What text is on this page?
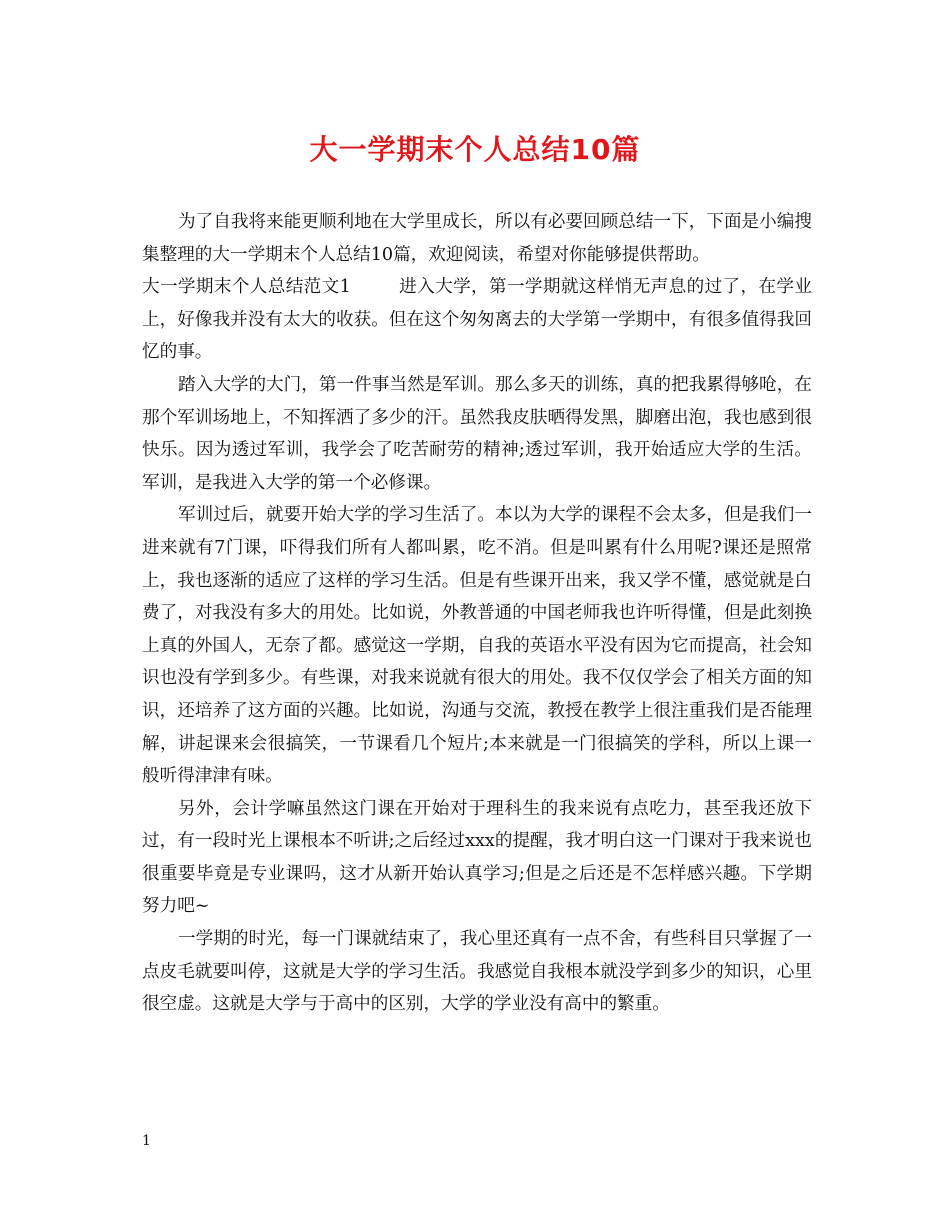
大一学期末个人总结10篇

为了自我将来能更顺利地在大学里成长，所以有必要回顾总结一下，下面是小编搜集整理的大一学期末个人总结10篇，欢迎阅读，希望对你能够提供帮助。

大一学期末个人总结范文1	进入大学，第一学期就这样悄无声息的过了，在学业上，好像我并没有太大的收获。但在这个匆匆离去的大学第一学期中，有很多值得我回忆的事。

踏入大学的大门，第一件事当然是军训。那么多天的训练，真的把我累得够呛，在那个军训场地上，不知挥洒了多少的汗。虽然我皮肤晒得发黑，脚磨出泡，我也感到很快乐。因为透过军训，我学会了吃苦耐劳的精神;透过军训，我开始适应大学的生活。军训，是我进入大学的第一个必修课。

军训过后，就要开始大学的学习生活了。本以为大学的课程不会太多，但是我们一进来就有7门课，吓得我们所有人都叫累，吃不消。但是叫累有什么用呢?课还是照常上，我也逐渐的适应了这样的学习生活。但是有些课开出来，我又学不懂，感觉就是白费了，对我没有多大的用处。比如说，外教普通的中国老师我也许听得懂，但是此刻换上真的外国人，无奈了都。感觉这一学期，自我的英语水平没有因为它而提高，社会知识也没有学到多少。有些课，对我来说就有很大的用处。我不仅仅学会了相关方面的知识，还培养了这方面的兴趣。比如说，沟通与交流，教授在教学上很注重我们是否能理解，讲起课来会很搞笑，一节课看几个短片;本来就是一门很搞笑的学科，所以上课一般听得津津有味。

另外，会计学嘛虽然这门课在开始对于理科生的我来说有点吃力，甚至我还放下过，有一段时光上课根本不听讲;之后经过xxx的提醒，我才明白这一门课对于我来说也很重要毕竟是专业课吗，这才从新开始认真学习;但是之后还是不怎样感兴趣。下学期努力吧~

一学期的时光，每一门课就结束了，我心里还真有一点不舍，有些科目只掌握了一点皮毛就要叫停，这就是大学的学习生活。我感觉自我根本就没学到多少的知识，心里很空虚。这就是大学与于高中的区别，大学的学业没有高中的繁重。

1
